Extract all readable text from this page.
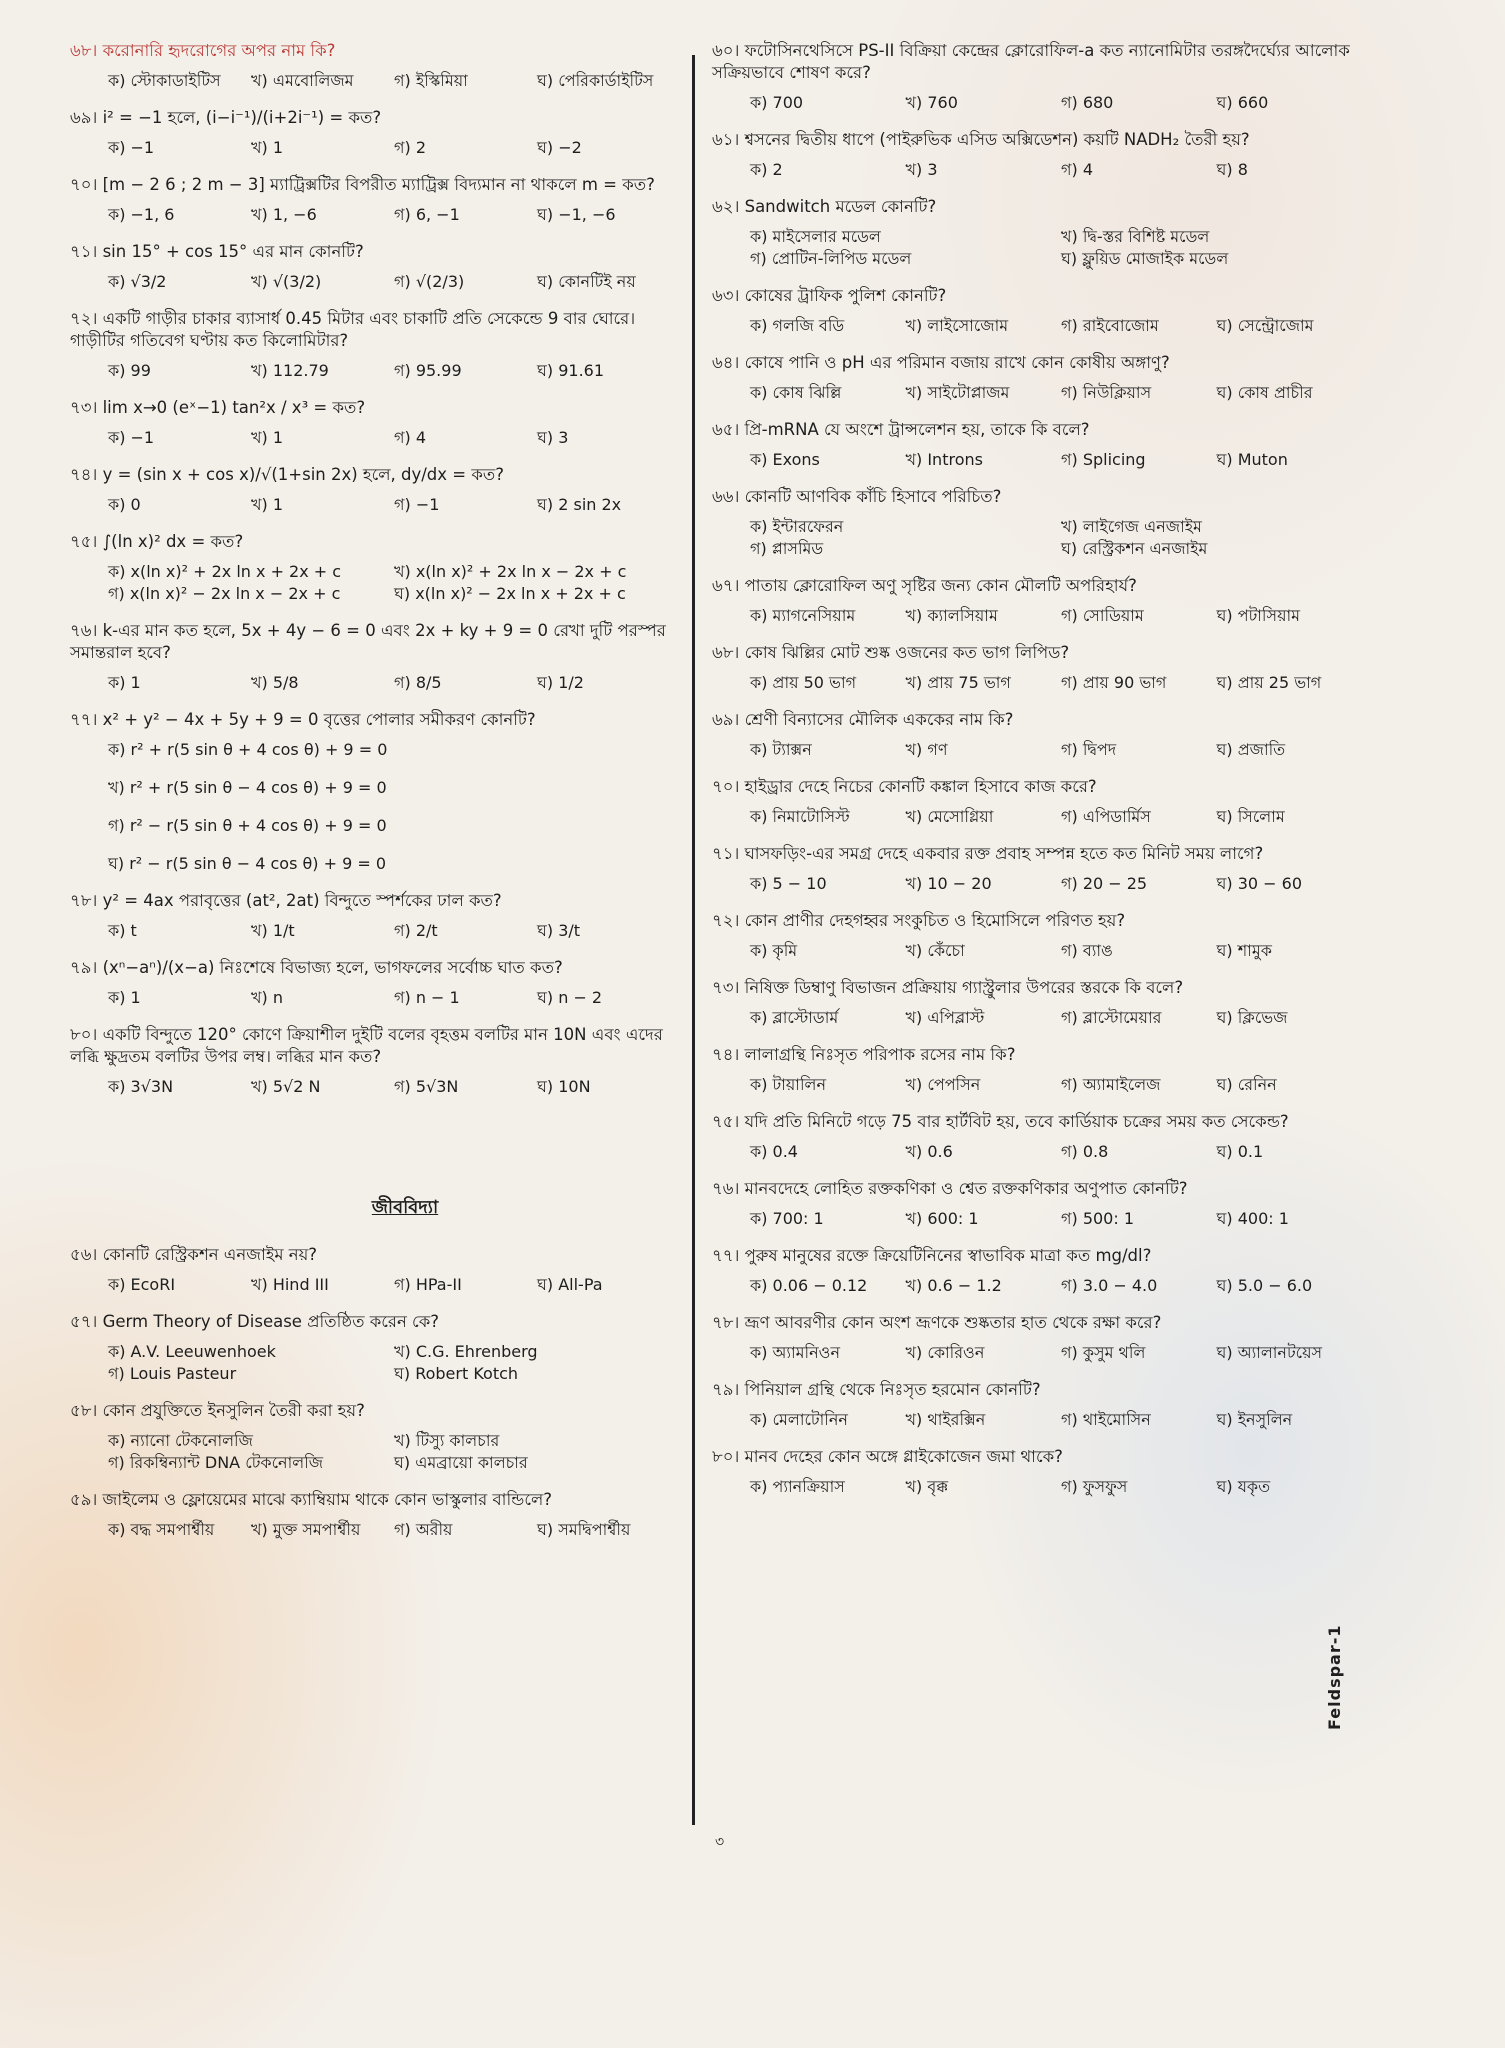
৬৮। করোনারি হৃদরোগের অপর নাম কি?
ক) স্টোকাডাইটিস	খ) এমবোলিজম	গ) ইস্কিমিয়া	ঘ) পেরিকার্ডাইটিস
৬৯। i² = −1 হলে, (i−i⁻¹)/(i+2i⁻¹) = কত?
ক) −1	খ) 1	গ) 2	ঘ) −2
৭০। [m − 2 6 ; 2 m − 3] ম্যাট্রিক্সটির বিপরীত ম্যাট্রিক্স বিদ্যমান না থাকলে m = কত?
ক) −1, 6	খ) 1, −6	গ) 6, −1	ঘ) −1, −6
৭১। sin 15° + cos 15° এর মান কোনটি?
ক) √3/2	খ) √(3/2)	গ) √(2/3)	ঘ) কোনটিই নয়
৭২। একটি গাড়ীর চাকার ব্যাসার্ধ 0.45 মিটার এবং চাকাটি প্রতি সেকেন্ডে 9 বার ঘোরে। গাড়ীটির গতিবেগ ঘণ্টায় কত কিলোমিটার?
ক) 99	খ) 112.79	গ) 95.99	ঘ) 91.61
৭৩। lim x→0 (eˣ−1) tan²x / x³ = কত?
ক) −1	খ) 1	গ) 4	ঘ) 3
৭৪। y = (sin x + cos x)/√(1+sin 2x) হলে, dy/dx = কত?
ক) 0	খ) 1	গ) −1	ঘ) 2 sin 2x
৭৫। ∫(ln x)² dx = কত?
ক) x(ln x)² + 2x ln x + 2x + c	খ) x(ln x)² + 2x ln x − 2x + c
গ) x(ln x)² − 2x ln x − 2x + c	ঘ) x(ln x)² − 2x ln x + 2x + c
৭৬। k-এর মান কত হলে, 5x + 4y − 6 = 0 এবং 2x + ky + 9 = 0 রেখা দুটি পরস্পর সমান্তরাল হবে?
ক) 1	খ) 5/8	গ) 8/5	ঘ) 1/2
৭৭। x² + y² − 4x + 5y + 9 = 0 বৃত্তের পোলার সমীকরণ কোনটি?
ক) r² + r(5 sin θ + 4 cos θ) + 9 = 0
খ) r² + r(5 sin θ − 4 cos θ) + 9 = 0
গ) r² − r(5 sin θ + 4 cos θ) + 9 = 0
ঘ) r² − r(5 sin θ − 4 cos θ) + 9 = 0
৭৮। y² = 4ax পরাবৃত্তের (at², 2at) বিন্দুতে স্পর্শকের ঢাল কত?
ক) t	খ) 1/t	গ) 2/t	ঘ) 3/t
৭৯। (xⁿ−aⁿ)/(x−a) নিঃশেষে বিভাজ্য হলে, ভাগফলের সর্বোচ্চ ঘাত কত?
ক) 1	খ) n	গ) n − 1	ঘ) n − 2
৮০। একটি বিন্দুতে 120° কোণে ক্রিয়াশীল দুইটি বলের বৃহত্তম বলটির মান 10N এবং এদের লব্ধি ক্ষুদ্রতম বলটির উপর লম্ব। লব্ধির মান কত?
ক) 3√3N	খ) 5√2 N	গ) 5√3N	ঘ) 10N
জীববিদ্যা
৫৬। কোনটি রেস্ট্রিকশন এনজাইম নয়?
ক) EcoRI	খ) Hind III	গ) HPa-II	ঘ) All-Pa
৫৭। Germ Theory of Disease প্রতিষ্ঠিত করেন কে?
ক) A.V. Leeuwenhoek	খ) C.G. Ehrenberg
গ) Louis Pasteur	ঘ) Robert Kotch
৫৮। কোন প্রযুক্তিতে ইনসুলিন তৈরী করা হয়?
ক) ন্যানো টেকনোলজি	খ) টিস্যু কালচার
গ) রিকম্বিন্যান্ট DNA টেকনোলজি	ঘ) এমব্রায়ো কালচার
৫৯। জাইলেম ও ফ্লোয়েমের মাঝে ক্যাম্বিয়াম থাকে কোন ভাস্কুলার বান্ডিলে?
ক) বদ্ধ সমপার্শ্বীয়	খ) মুক্ত সমপার্শ্বীয়	গ) অরীয়	ঘ) সমদ্বিপার্শ্বীয়
৬০। ফটোসিনথেসিসে PS-II বিক্রিয়া কেন্দ্রের ক্লোরোফিল-a কত ন্যানোমিটার তরঙ্গদৈর্ঘ্যের আলোক সক্রিয়ভাবে শোষণ করে?
ক) 700	খ) 760	গ) 680	ঘ) 660
৬১। শ্বসনের দ্বিতীয় ধাপে (পাইরুভিক এসিড অক্সিডেশন) কয়টি NADH₂ তৈরী হয়?
ক) 2	খ) 3	গ) 4	ঘ) 8
৬২। Sandwitch মডেল কোনটি?
ক) মাইসেলার মডেল	খ) দ্বি-স্তর বিশিষ্ট মডেল
গ) প্রোটিন-লিপিড মডেল	ঘ) ফ্লুয়িড মোজাইক মডেল
৬৩। কোষের ট্রাফিক পুলিশ কোনটি?
ক) গলজি বডি	খ) লাইসোজোম	গ) রাইবোজোম	ঘ) সেন্ট্রোজোম
৬৪। কোষে পানি ও pH এর পরিমান বজায় রাখে কোন কোষীয় অঙ্গাণু?
ক) কোষ ঝিল্লি	খ) সাইটোপ্লাজম	গ) নিউক্লিয়াস	ঘ) কোষ প্রাচীর
৬৫। প্রি-mRNA যে অংশে ট্রান্সলেশন হয়, তাকে কি বলে?
ক) Exons	খ) Introns	গ) Splicing	ঘ) Muton
৬৬। কোনটি আণবিক কাঁচি হিসাবে পরিচিত?
ক) ইন্টারফেরন	খ) লাইগেজ এনজাইম
গ) প্লাসমিড	ঘ) রেস্ট্রিকশন এনজাইম
৬৭। পাতায় ক্লোরোফিল অণু সৃষ্টির জন্য কোন মৌলটি অপরিহার্য?
ক) ম্যাগনেসিয়াম	খ) ক্যালসিয়াম	গ) সোডিয়াম	ঘ) পটাসিয়াম
৬৮। কোষ ঝিল্লির মোট শুষ্ক ওজনের কত ভাগ লিপিড?
ক) প্রায় 50 ভাগ	খ) প্রায় 75 ভাগ	গ) প্রায় 90 ভাগ	ঘ) প্রায় 25 ভাগ
৬৯। শ্রেণী বিন্যাসের মৌলিক এককের নাম কি?
ক) ট্যাক্সন	খ) গণ	গ) দ্বিপদ	ঘ) প্রজাতি
৭০। হাইড্রার দেহে নিচের কোনটি কঙ্কাল হিসাবে কাজ করে?
ক) নিমাটোসিস্ট	খ) মেসোগ্লিয়া	গ) এপিডার্মিস	ঘ) সিলোম
৭১। ঘাসফড়িং-এর সমগ্র দেহে একবার রক্ত প্রবাহ সম্পন্ন হতে কত মিনিট সময় লাগে?
ক) 5 − 10	খ) 10 − 20	গ) 20 − 25	ঘ) 30 − 60
৭২। কোন প্রাণীর দেহগহ্বর সংকুচিত ও হিমোসিলে পরিণত হয়?
ক) কৃমি	খ) কেঁচো	গ) ব্যাঙ	ঘ) শামুক
৭৩। নিষিক্ত ডিম্বাণু বিভাজন প্রক্রিয়ায় গ্যাস্ট্রুলার উপরের স্তরকে কি বলে?
ক) ব্লাস্টোডার্ম	খ) এপিব্লাস্ট	গ) ব্লাস্টোমেয়ার	ঘ) ক্লিভেজ
৭৪। লালাগ্রন্থি নিঃসৃত পরিপাক রসের নাম কি?
ক) টায়ালিন	খ) পেপসিন	গ) অ্যামাইলেজ	ঘ) রেনিন
৭৫। যদি প্রতি মিনিটে গড়ে 75 বার হার্টবিট হয়, তবে কার্ডিয়াক চক্রের সময় কত সেকেন্ড?
ক) 0.4	খ) 0.6	গ) 0.8	ঘ) 0.1
৭৬। মানবদেহে লোহিত রক্তকণিকা ও শ্বেত রক্তকণিকার অণুপাত কোনটি?
ক) 700: 1	খ) 600: 1	গ) 500: 1	ঘ) 400: 1
৭৭। পুরুষ মানুষের রক্তে ক্রিয়েটিনিনের স্বাভাবিক মাত্রা কত mg/dl?
ক) 0.06 − 0.12	খ) 0.6 − 1.2	গ) 3.0 − 4.0	ঘ) 5.0 − 6.0
৭৮। ভ্রূণ আবরণীর কোন অংশ ভ্রূণকে শুষ্কতার হাত থেকে রক্ষা করে?
ক) অ্যামনিওন	খ) কোরিওন	গ) কুসুম থলি	ঘ) অ্যালানটয়েস
৭৯। পিনিয়াল গ্রন্থি থেকে নিঃসৃত হরমোন কোনটি?
ক) মেলাটোনিন	খ) থাইরক্সিন	গ) থাইমোসিন	ঘ) ইনসুলিন
৮০। মানব দেহের কোন অঙ্গে গ্লাইকোজেন জমা থাকে?
ক) প্যানক্রিয়াস	খ) বৃক্ক	গ) ফুসফুস	ঘ) যকৃত
৩
Feldspar-1
